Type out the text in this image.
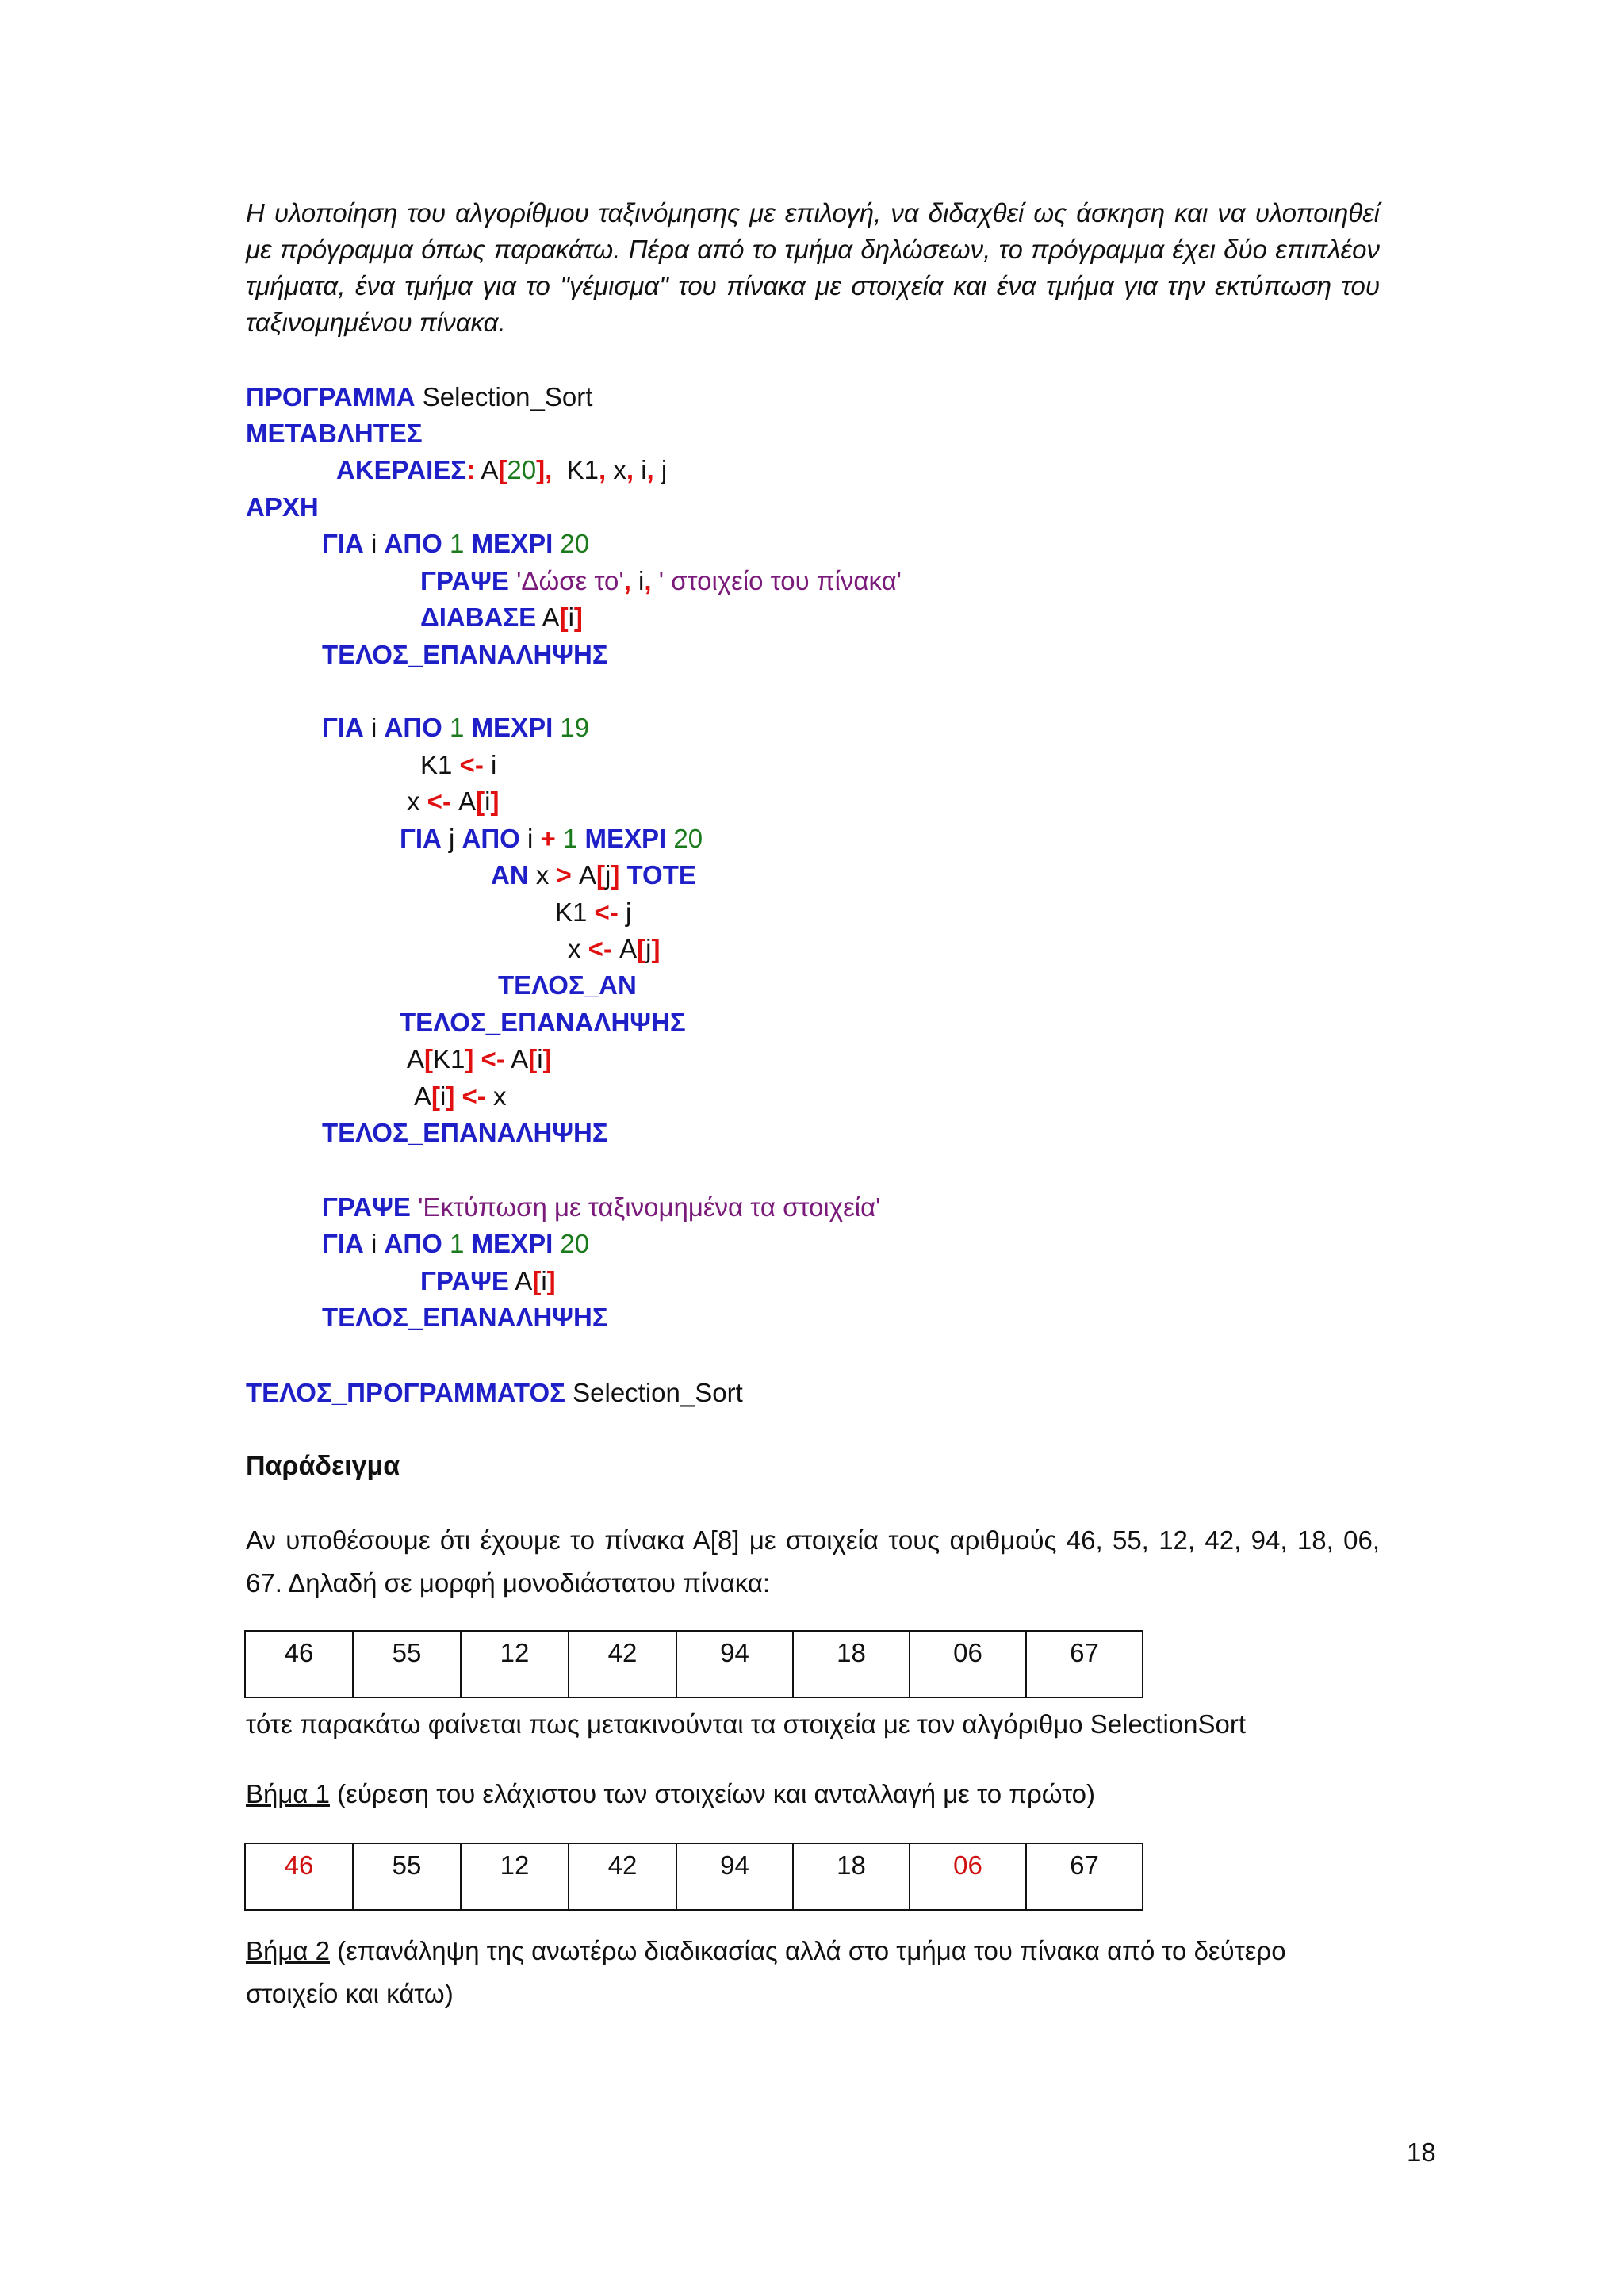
Η υλοποίηση του αλγορίθμου ταξινόμησης με επιλογή, να διδαχθεί ως άσκηση και να υλοποιηθεί με πρόγραμμα όπως παρακάτω. Πέρα από το τμήμα δηλώσεων, το πρόγραμμα έχει δύο επιπλέον τμήματα, ένα τμήμα για το "γέμισμα" του πίνακα με στοιχεία και ένα τμήμα για την εκτύπωση του ταξινομημένου πίνακα.

ΠΡΟΓΡΑΜΜΑ Selection_Sort
ΜΕΤΑΒΛΗΤΕΣ
ΑΚΕΡΑΙΕΣ: Α[20],  Κ1, x, i, j
ΑΡΧΗ
ΓΙΑ i ΑΠΟ 1 ΜΕΧΡΙ 20
ΓΡΑΨΕ 'Δώσε το', i, ' στοιχείο του πίνακα'
ΔΙΑΒΑΣΕ Α[i]
ΤΕΛΟΣ_ΕΠΑΝΑΛΗΨΗΣ
ΓΙΑ i ΑΠΟ 1 ΜΕΧΡΙ 19
Κ1 <- i
x <- Α[i]
ΓΙΑ j ΑΠΟ i + 1 ΜΕΧΡΙ 20
ΑΝ x > Α[j] ΤΟΤΕ
Κ1 <- j
x <- Α[j]
ΤΕΛΟΣ_ΑΝ
ΤΕΛΟΣ_ΕΠΑΝΑΛΗΨΗΣ
Α[Κ1] <- Α[i]
Α[i] <- x
ΤΕΛΟΣ_ΕΠΑΝΑΛΗΨΗΣ
ΓΡΑΨΕ 'Εκτύπωση με ταξινομημένα τα στοιχεία'
ΓΙΑ i ΑΠΟ 1 ΜΕΧΡΙ 20
ΓΡΑΨΕ Α[i]
ΤΕΛΟΣ_ΕΠΑΝΑΛΗΨΗΣ
ΤΕΛΟΣ_ΠΡΟΓΡΑΜΜΑΤΟΣ Selection_Sort
Παράδειγμα

Αν υποθέσουμε ότι έχουμε το πίνακα Α[8] με στοιχεία τους αριθμούς 46, 55, 12, 42, 94, 18, 06, 67. Δηλαδή σε μορφή μονοδιάστατου πίνακα:

46	55	12	42	94	18	06	67
τότε παρακάτω φαίνεται πως μετακινούνται τα στοιχεία με τον αλγόριθμο SelectionSort
Βήμα 1 (εύρεση του ελάχιστου των στοιχείων και ανταλλαγή με το πρώτο)
46	55	12	42	94	18	06	67
Βήμα 2 (επανάληψη της ανωτέρω διαδικασίας αλλά στο τμήμα του πίνακα από το δεύτερο στοιχείο και κάτω)
18
